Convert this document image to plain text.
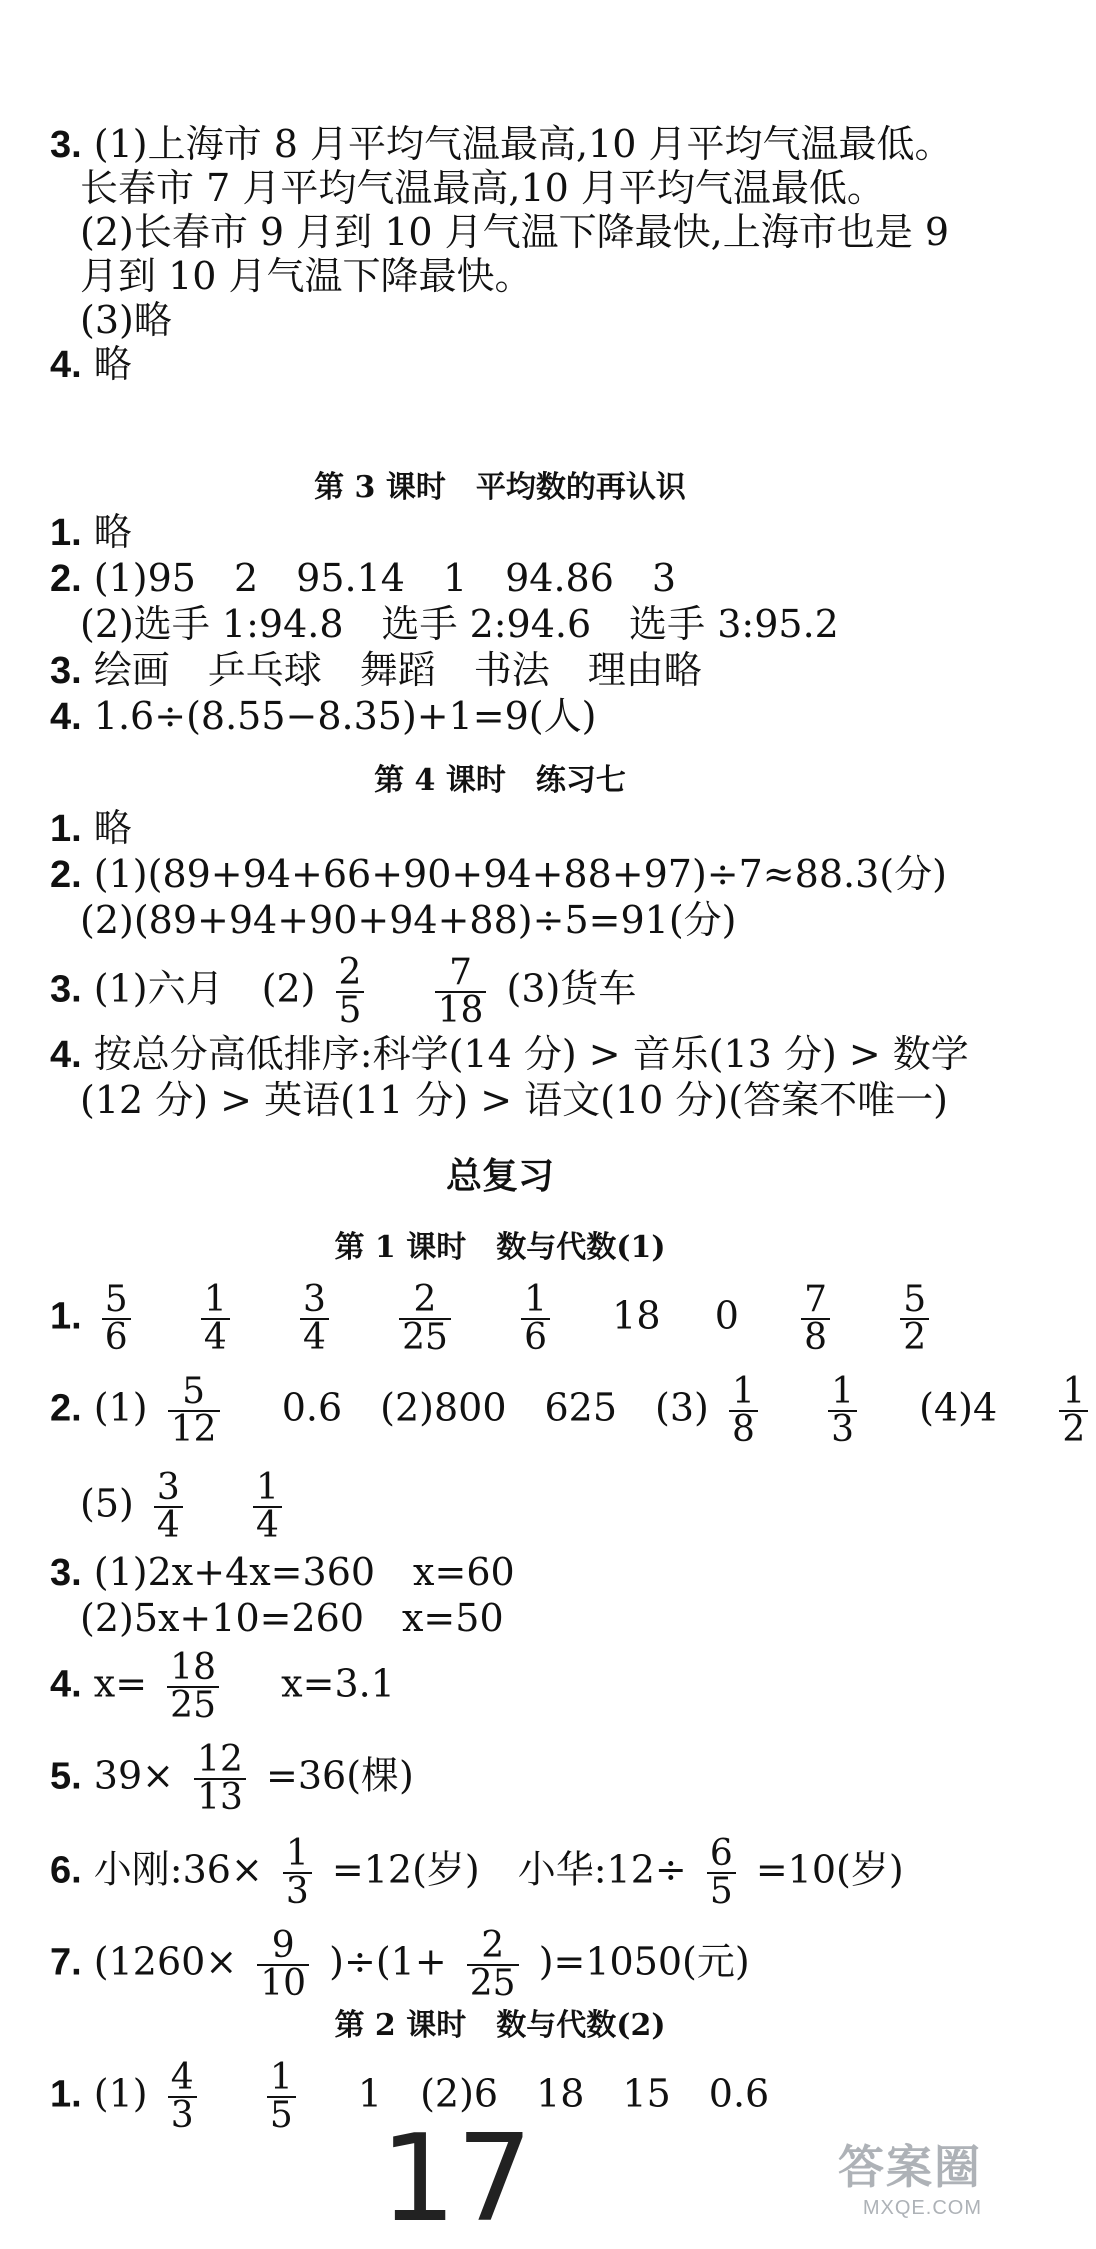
3. (1)上海市 8 月平均气温最高,10 月平均气温最低。
长春市 7 月平均气温最高,10 月平均气温最低。
(2)长春市 9 月到 10 月气温下降最快,上海市也是 9
月到 10 月气温下降最快。
(3)略
4. 略
第 3 课时　平均数的再认识
1. 略
2. (1)95　2　95.14　1　94.86　3
(2)选手 1:94.8　选手 2:94.6　选手 3:95.2
3. 绘画　乒乓球　舞蹈　书法　理由略
4. 1.6÷(8.55−8.35)+1=9(人)
第 4 课时　练习七
1. 略
2. (1)(89+94+66+90+94+88+97)÷7≈88.3(分)
(2)(89+94+90+94+88)÷5=91(分)
3. (1)六月　$(2) \frac{2}{5}$
$\frac{7}{18} (3)$货车
4. 按总分高低排序:科学(14 分) > 音乐(13 分) > 数学
(12 分) > 英语(11 分) > 语文(10 分)(答案不唯一)
总复习
第 1 课时　数与代数(1)
1. $\frac{5}{6}$
$\frac{1}{4}$
$\frac{3}{4}$
$\frac{2}{25}$
$\frac{1}{6} 18$ $0 \frac{7}{8}$
$\frac{5}{2}$
2. $(1) \frac{5}{12} 0.6$　(2)800　625　$(3) \frac{1}{8}$
$\frac{1}{3} (4)4 \frac{1}{2}$
$(5) \frac{3}{4}$
$\frac{1}{4}$
3. (1)2x+4x=360　x=60
(2)5x+10=260　x=50
4. $x= \frac{18}{25} x=3.1$
5. $39\times \frac{12}{13} =36$(棵)
6. 小刚:36× $\frac{1}{3} =12$(岁)　小华:12÷ $\frac{6}{5} =10$(岁)
7. $(1260\times \frac{9}{10} )\div(1+ \frac{2}{25} )=1050$(元)
第 2 课时　数与代数(2)
1. $(1) \frac{4}{3}$
$\frac{1}{5} 1$　(2)6　18　15　0.6
17	答案圈
MXQE.COM
